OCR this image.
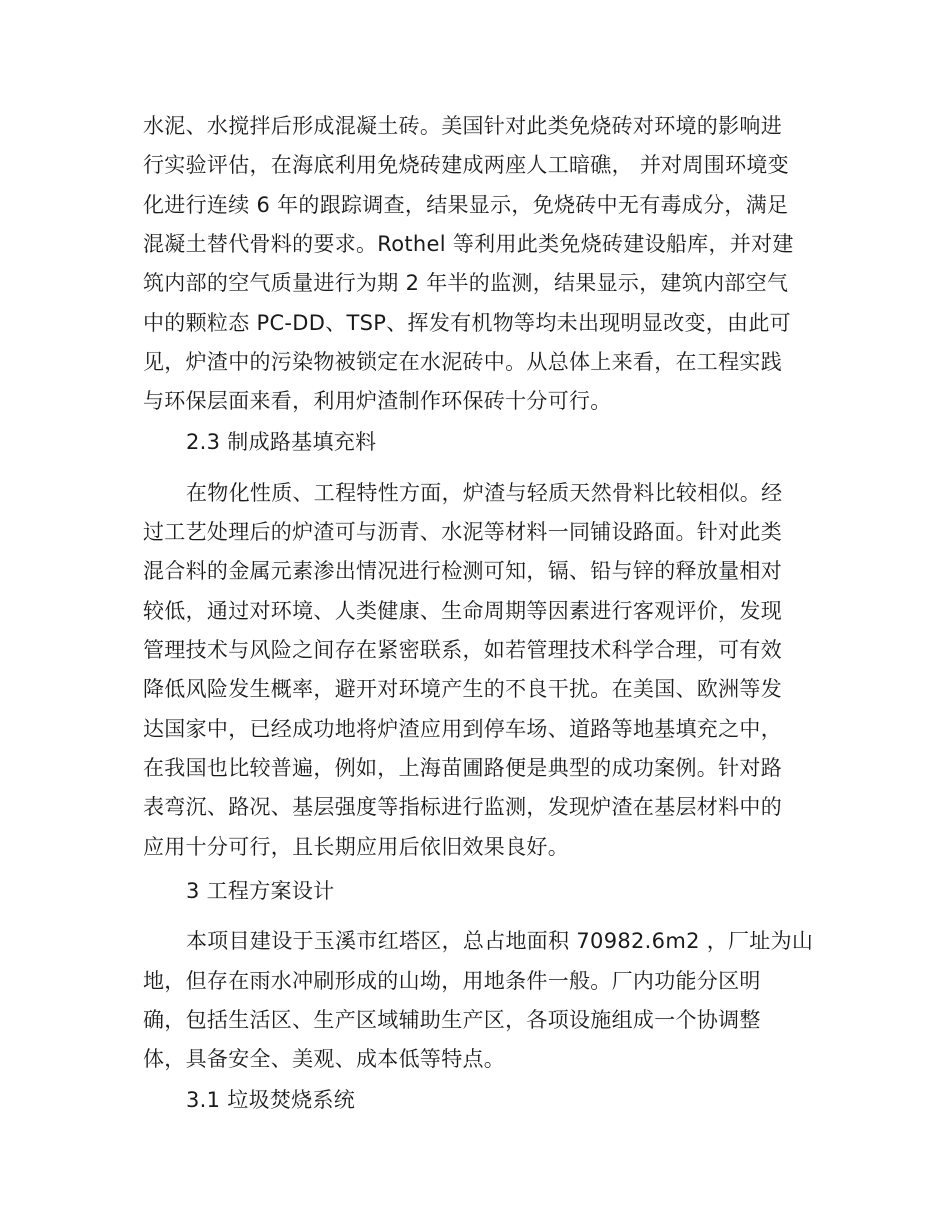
水泥、水搅拌后形成混凝土砖。美国针对此类免烧砖对环境的影响进
行实验评估，在海底利用免烧砖建成两座人工暗礁， 并对周围环境变
化进行连续 6 年的跟踪调查，结果显示，免烧砖中无有毒成分，满足
混凝土替代骨料的要求。Rothel 等利用此类免烧砖建设船库，并对建
筑内部的空气质量进行为期 2 年半的监测，结果显示，建筑内部空气
中的颗粒态 PC-DD、TSP、挥发有机物等均未出现明显改变，由此可
见，炉渣中的污染物被锁定在水泥砖中。从总体上来看，在工程实践
与环保层面来看，利用炉渣制作环保砖十分可行。
2.3 制成路基填充料
在物化性质、工程特性方面，炉渣与轻质天然骨料比较相似。经
过工艺处理后的炉渣可与沥青、水泥等材料一同铺设路面。针对此类
混合料的金属元素渗出情况进行检测可知，镉、铅与锌的释放量相对
较低，通过对环境、人类健康、生命周期等因素进行客观评价，发现
管理技术与风险之间存在紧密联系，如若管理技术科学合理，可有效
降低风险发生概率，避开对环境产生的不良干扰。在美国、欧洲等发
达国家中，已经成功地将炉渣应用到停车场、道路等地基填充之中，
在我国也比较普遍，例如，上海苗圃路便是典型的成功案例。针对路
表弯沉、路况、基层强度等指标进行监测，发现炉渣在基层材料中的
应用十分可行，且长期应用后依旧效果良好。
3 工程方案设计
本项目建设于玉溪市红塔区，总占地面积 70982.6m2 ，厂址为山
地，但存在雨水冲刷形成的山坳，用地条件一般。厂内功能分区明
确，包括生活区、生产区域辅助生产区，各项设施组成一个协调整
体，具备安全、美观、成本低等特点。
3.1 垃圾焚烧系统
